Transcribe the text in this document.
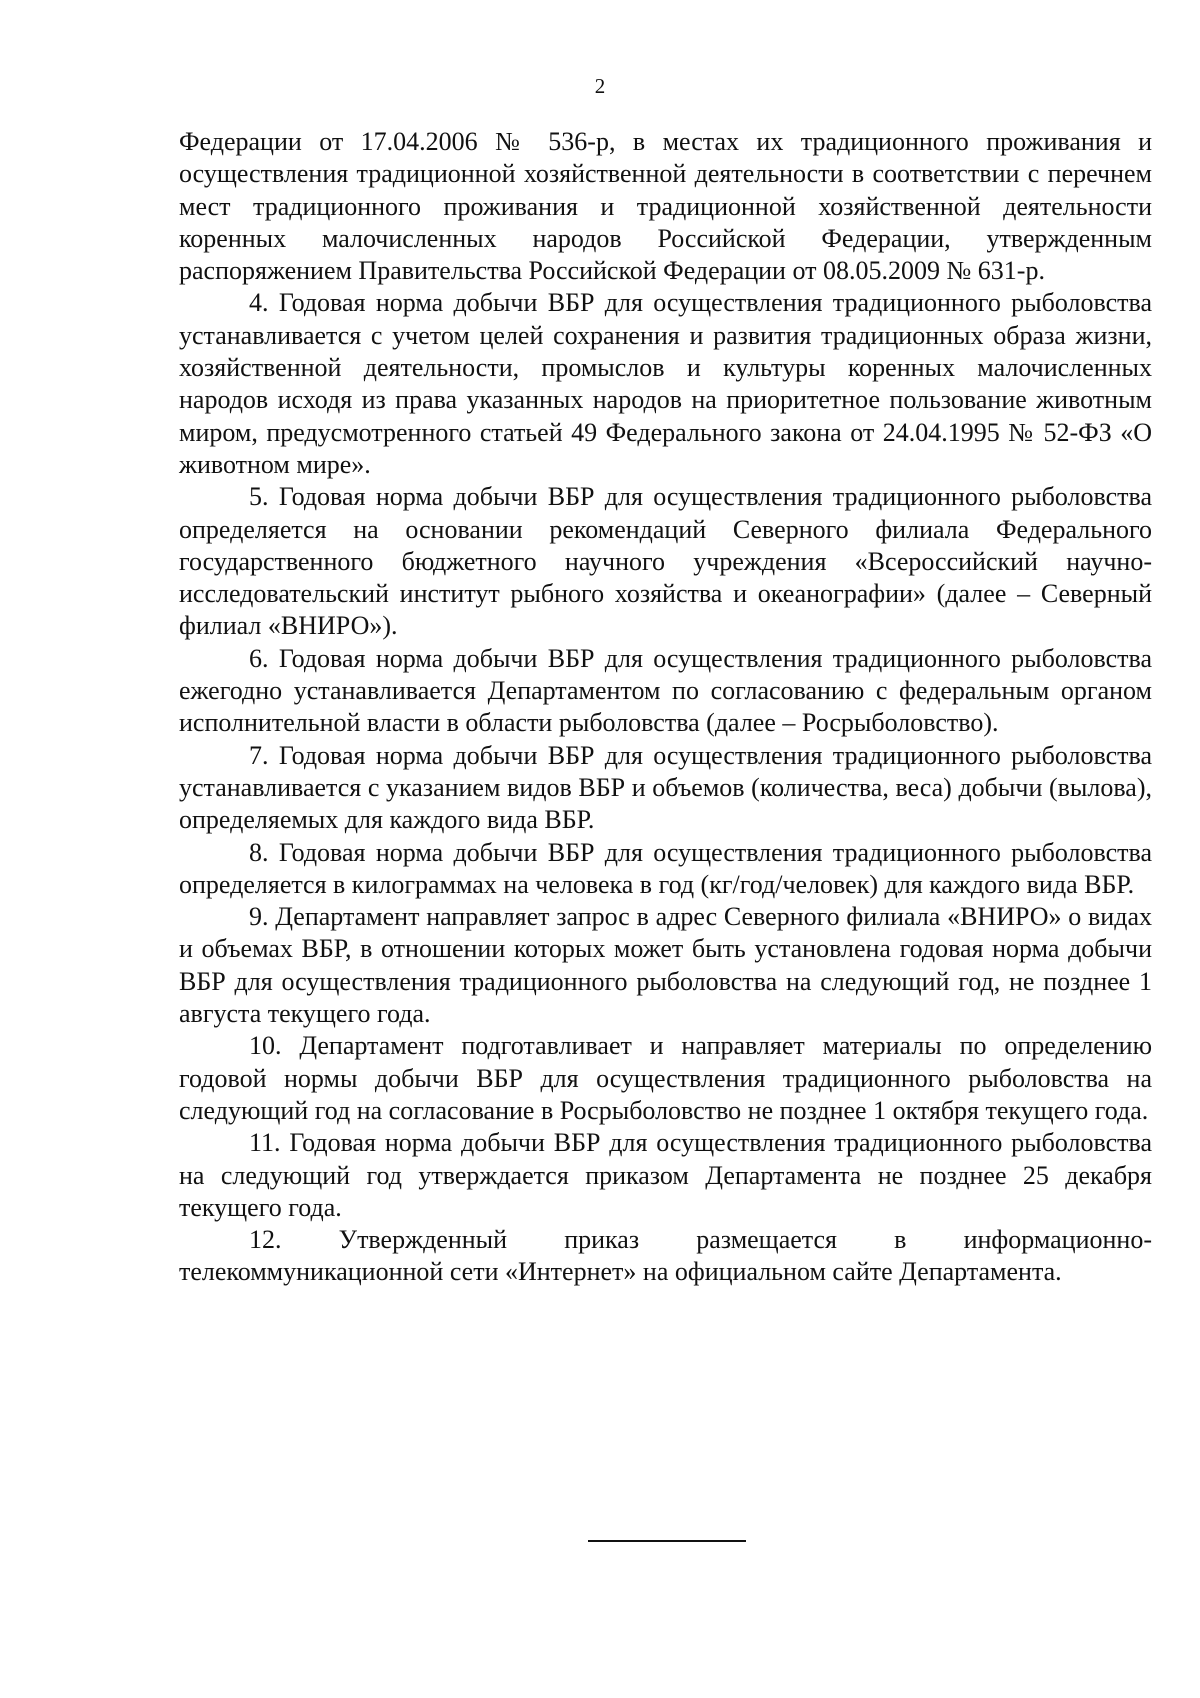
2

Федерации от 17.04.2006 № 536-р, в местах их традиционного проживания и осуществления традиционной хозяйственной деятельности в соответствии с перечнем мест традиционного проживания и традиционной хозяйственной деятельности коренных малочисленных народов Российской Федерации, утвержденным распоряжением Правительства Российской Федерации от 08.05.2009 № 631-р.

4. Годовая норма добычи ВБР для осуществления традиционного рыболовства устанавливается с учетом целей сохранения и развития традиционных образа жизни, хозяйственной деятельности, промыслов и культуры коренных малочисленных народов исходя из права указанных народов на приоритетное пользование животным миром, предусмотренного статьей 49 Федерального закона от 24.04.1995 № 52-ФЗ «О животном мире».

5. Годовая норма добычи ВБР для осуществления традиционного рыболовства определяется на основании рекомендаций Северного филиала Федерального государственного бюджетного научного учреждения «Всероссийский научно-исследовательский институт рыбного хозяйства и океанографии» (далее – Северный филиал «ВНИРО»).

6. Годовая норма добычи ВБР для осуществления традиционного рыболовства ежегодно устанавливается Департаментом по согласованию с федеральным органом исполнительной власти в области рыболовства (далее – Росрыболовство).

7. Годовая норма добычи ВБР для осуществления традиционного рыболовства устанавливается с указанием видов ВБР и объемов (количества, веса) добычи (вылова), определяемых для каждого вида ВБР.

8. Годовая норма добычи ВБР для осуществления традиционного рыболовства определяется в килограммах на человека в год (кг/год/человек) для каждого вида ВБР.

9. Департамент направляет запрос в адрес Северного филиала «ВНИРО» о видах и объемах ВБР, в отношении которых может быть установлена годовая норма добычи ВБР для осуществления традиционного рыболовства на следующий год, не позднее 1 августа текущего года.

10. Департамент подготавливает и направляет материалы по определению годовой нормы добычи ВБР для осуществления традиционного рыболовства на следующий год на согласование в Росрыболовство не позднее 1 октября текущего года.

11. Годовая норма добычи ВБР для осуществления традиционного рыболовства на следующий год утверждается приказом Департамента не позднее 25 декабря текущего года.

12. Утвержденный приказ размещается в информационно-телекоммуникационной сети «Интернет» на официальном сайте Департамента.
